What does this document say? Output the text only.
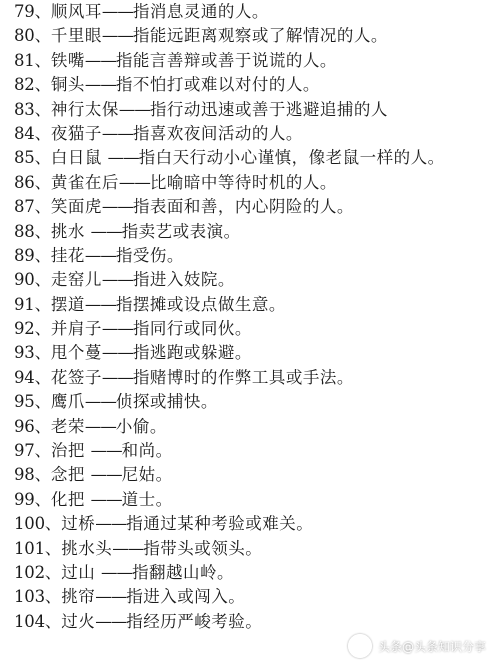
79、顺风耳——指消息灵通的人。
80、千里眼——指能远距离观察或了解情况的人。
81、铁嘴——指能言善辩或善于说谎的人。
82、铜头——指不怕打或难以对付的人。
83、神行太保——指行动迅速或善于逃避追捕的人
84、夜猫子——指喜欢夜间活动的人。
85、白日鼠 ——指白天行动小心谨慎，像老鼠一样的人。
86、黄雀在后——比喻暗中等待时机的人。
87、笑面虎——指表面和善，内心阴险的人。
88、挑水 ——指卖艺或表演。
89、挂花——指受伤。
90、走窑儿——指进入妓院。
91、摆道——指摆摊或设点做生意。
92、并肩子——指同行或同伙。
93、甩个蔓——指逃跑或躲避。
94、花签子——指赌博时的作弊工具或手法。
95、鹰爪——侦探或捕快。
96、老荣——小偷。
97、治把 ——和尚。
98、念把 ——尼姑。
99、化把 ——道士。
100、过桥——指通过某种考验或难关。
101、挑水头——指带头或领头。
102、过山 ——指翻越山岭。
103、挑帘——指进入或闯入。
104、过火——指经历严峻考验。
头条@头条知识分享
